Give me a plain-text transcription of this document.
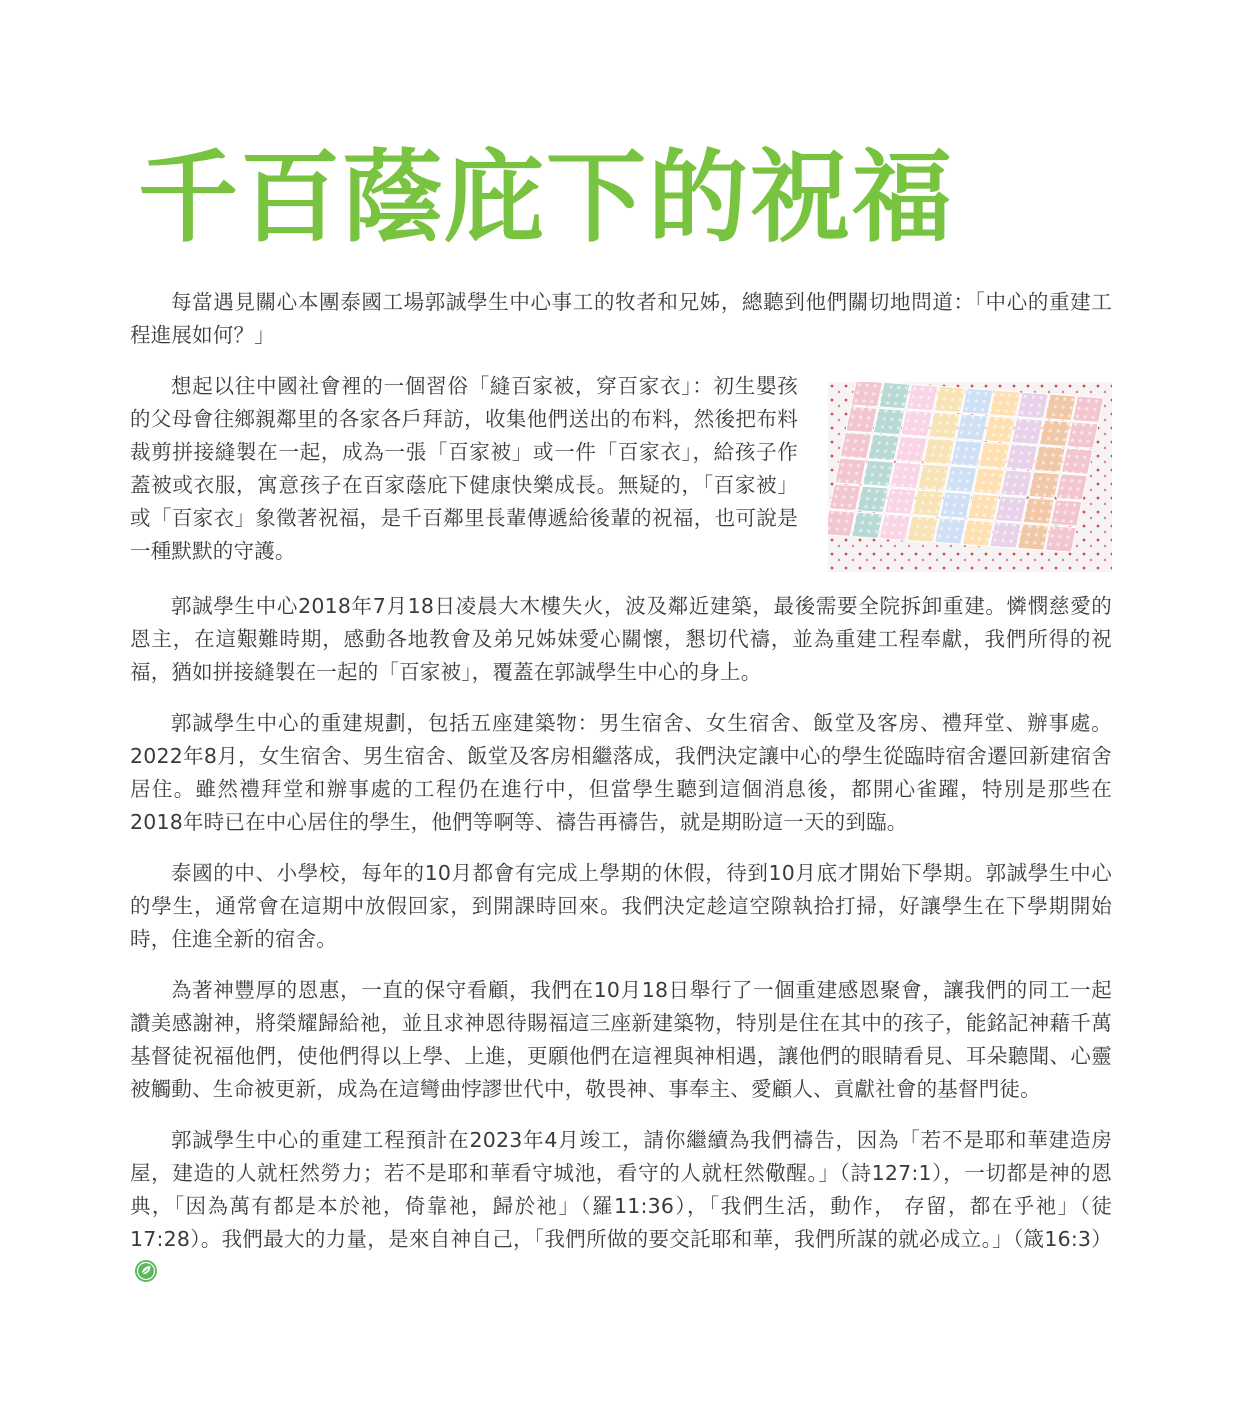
千百蔭庇下的祝福

每當遇見關心本團泰國工場郭誠學生中心事工的牧者和兄姊，總聽到他們關切地問道：「中心的重建工程進展如何？」

想起以往中國社會裡的一個習俗「縫百家被，穿百家衣」：初生嬰孩的父母會往鄉親鄰里的各家各戶拜訪，收集他們送出的布料，然後把布料裁剪拼接縫製在一起，成為一張「百家被」或一件「百家衣」，給孩子作蓋被或衣服，寓意孩子在百家蔭庇下健康快樂成長。無疑的，「百家被」或「百家衣」象徵著祝福，是千百鄰里長輩傳遞給後輩的祝福，也可說是一種默默的守護。

郭誠學生中心2018年7月18日凌晨大木樓失火，波及鄰近建築，最後需要全院拆卸重建。憐憫慈愛的恩主，在這艱難時期，感動各地教會及弟兄姊妹愛心關懷，懇切代禱，並為重建工程奉獻，我們所得的祝福，猶如拼接縫製在一起的「百家被」，覆蓋在郭誠學生中心的身上。

郭誠學生中心的重建規劃，包括五座建築物：男生宿舍、女生宿舍、飯堂及客房、禮拜堂、辦事處。2022年8月，女生宿舍、男生宿舍、飯堂及客房相繼落成，我們決定讓中心的學生從臨時宿舍遷回新建宿舍居住。雖然禮拜堂和辦事處的工程仍在進行中，但當學生聽到這個消息後，都開心雀躍，特別是那些在2018年時已在中心居住的學生，他們等啊等、禱告再禱告，就是期盼這一天的到臨。

泰國的中、小學校，每年的10月都會有完成上學期的休假，待到10月底才開始下學期。郭誠學生中心的學生，通常會在這期中放假回家，到開課時回來。我們決定趁這空隙執拾打掃，好讓學生在下學期開始時，住進全新的宿舍。

為著神豐厚的恩惠，一直的保守看顧，我們在10月18日舉行了一個重建感恩聚會，讓我們的同工一起讚美感謝神，將榮耀歸給祂，並且求神恩待賜福這三座新建築物，特別是住在其中的孩子，能銘記神藉千萬基督徒祝福他們，使他們得以上學、上進，更願他們在這裡與神相遇，讓他們的眼睛看見、耳朵聽聞、心靈被觸動、生命被更新，成為在這彎曲悖謬世代中，敬畏神、事奉主、愛顧人、貢獻社會的基督門徒。

郭誠學生中心的重建工程預計在2023年4月竣工，請你繼續為我們禱告，因為「若不是耶和華建造房屋，建造的人就枉然勞力；若不是耶和華看守城池，看守的人就枉然儆醒。」（詩127:1），一切都是神的恩典，「因為萬有都是本於祂，倚靠祂，歸於祂」（羅11:36），「我們生活，動作， 存留，都在乎祂」（徒17:28）。我們最大的力量，是來自神自己，「我們所做的要交託耶和華，我們所謀的就必成立。」（箴16:3）
